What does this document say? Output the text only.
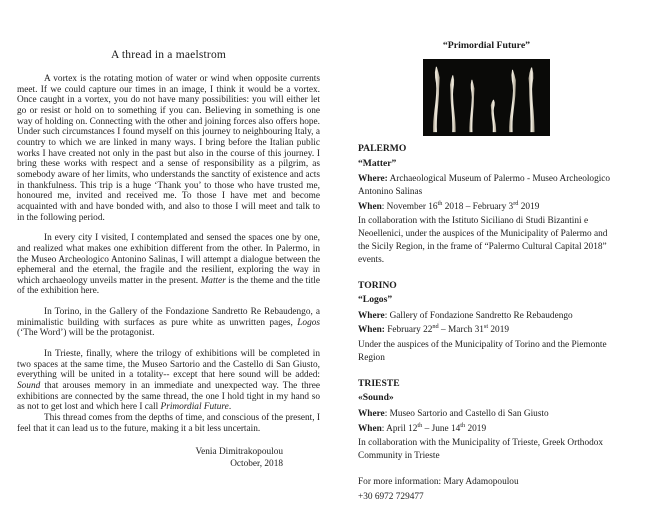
A thread in a maelstrom

A vortex is the rotating motion of water or wind when opposite currents meet. If we could capture our times in an image, I think it would be a vortex. Once caught in a vortex, you do not have many possibilities: you will either let go or resist or hold on to something if you can. Believing in something is one way of holding on. Connecting with the other and joining forces also offers hope. Under such circumstances I found myself on this journey to neighbouring Italy, a country to which we are linked in many ways. I bring before the Italian public works I have created not only in the past but also in the course of this journey. I bring these works with respect and a sense of responsibility as a pilgrim, as somebody aware of her limits, who understands the sanctity of existence and acts in thankfulness. This trip is a huge ‘Thank you’ to those who have trusted me, honoured me, invited and received me. To those I have met and become acquainted with and have bonded with, and also to those I will meet and talk to in the following period.

In every city I visited, I contemplated and sensed the spaces one by one, and realized what makes one exhibition different from the other. In Palermo, in the Museo Archeologico Antonino Salinas, I will attempt a dialogue between the ephemeral and the eternal, the fragile and the resilient, exploring the way in which archaeology unveils matter in the present. Matter is the theme and the title of the exhibition here.

In Torino, in the Gallery of the Fondazione Sandretto Re Rebaudengo, a minimalistic building with surfaces as pure white as unwritten pages, Logos (‘The Word’) will be the protagonist.

In Trieste, finally, where the trilogy of exhibitions will be completed in two spaces at the same time, the Museo Sartorio and the Castello di San Giusto, everything will be united in a totality-- except that here sound will be added: Sound that arouses memory in an immediate and unexpected way. The three exhibitions are connected by the same thread, the one I hold tight in my hand so as not to get lost and which here I call Primordial Future.

This thread comes from the depths of time, and conscious of the present, I feel that it can lead us to the future, making it a bit less uncertain.

Venia Dimitrakopoulou
October, 2018
“Primordial Future”
PALERMO
“Matter”
Where: Archaeological Museum of Palermo - Museo Archeologico Antonino Salinas
When: November 16th 2018 – February 3rd 2019
In collaboration with the Istituto Siciliano di Studi Bizantini e Neoellenici, under the auspices of the Municipality of Palermo and the Sicily Region, in the frame of “Palermo Cultural Capital 2018” events.
TORINO
“Logos”
Where: Gallery of Fondazione Sandretto Re Rebaudengo
When: February 22nd – March 31st 2019
Under the auspices of the Municipality of Torino and the Piemonte Region
TRIESTE
«Sound»
Where: Museo Sartorio and Castello di San Giusto
When: April 12th – June 14th 2019
In collaboration with the Municipality of Trieste, Greek Orthodox Community in Trieste
For more information: Mary Adamopoulou
+30 6972 729477
